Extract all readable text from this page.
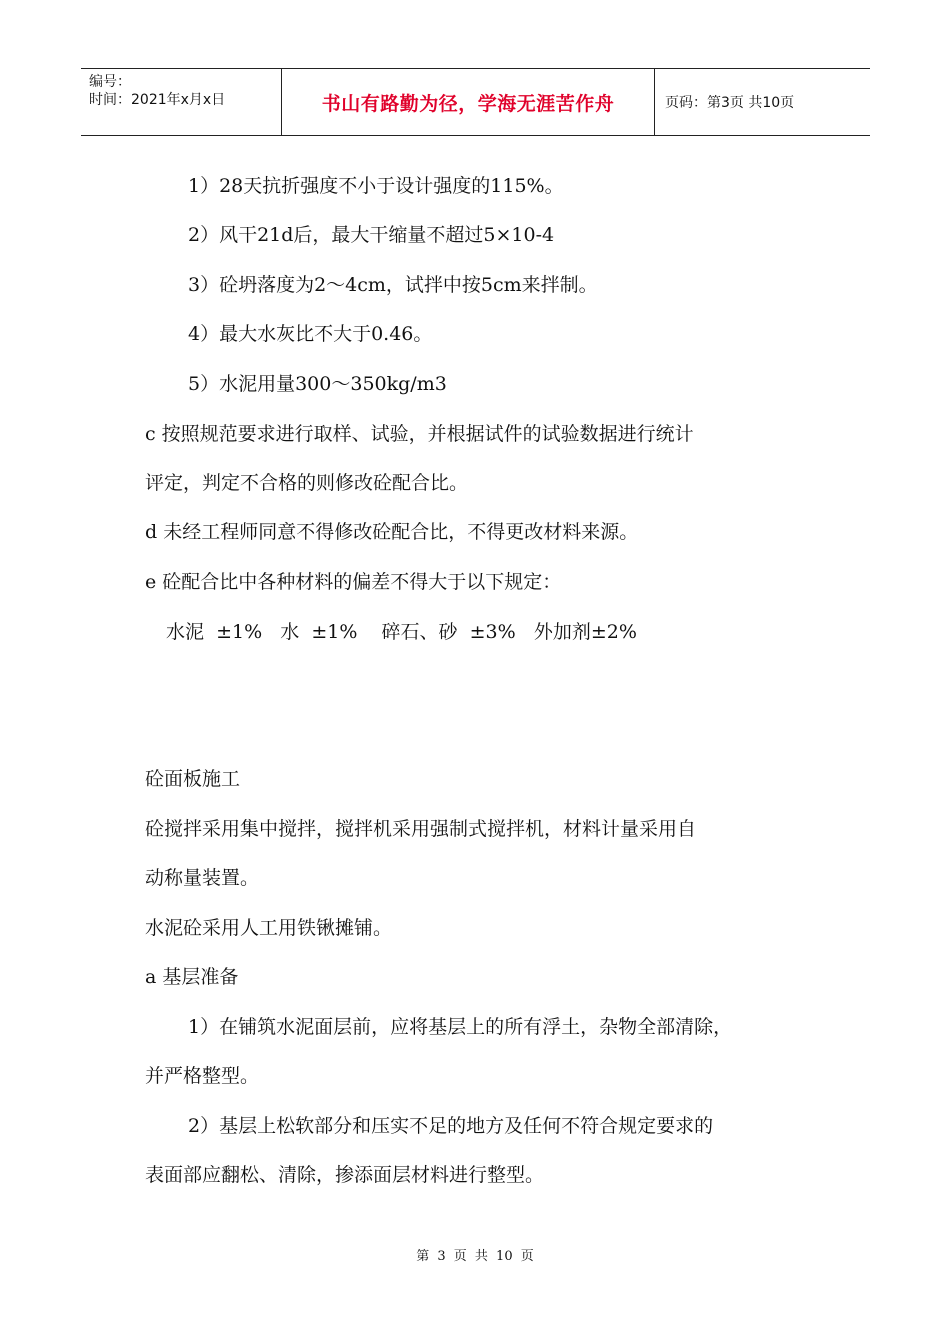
编号：
时间：2021年x月x日	书山有路勤为径，学海无涯苦作舟	页码：第3页 共10页
1）28天抗折强度不小于设计强度的115%。
2）风干21d后，最大干缩量不超过5×10-4
3）砼坍落度为2～4cm，试拌中按5cm来拌制。
4）最大水灰比不大于0.46。
5）水泥用量300～350kg/m3
c 按照规范要求进行取样、试验，并根据试件的试验数据进行统计
评定，判定不合格的则修改砼配合比。
d 未经工程师同意不得修改砼配合比，不得更改材料来源。
e 砼配合比中各种材料的偏差不得大于以下规定：
水泥  ±1%   水  ±1%    碎石、砂  ±3%   外加剂±2%
砼面板施工
砼搅拌采用集中搅拌，搅拌机采用强制式搅拌机，材料计量采用自
动称量装置。
水泥砼采用人工用铁锹摊铺。
a 基层准备
1）在铺筑水泥面层前，应将基层上的所有浮土，杂物全部清除，
并严格整型。
2）基层上松软部分和压实不足的地方及任何不符合规定要求的
表面部应翻松、清除，掺添面层材料进行整型。
第 3 页 共 10 页
